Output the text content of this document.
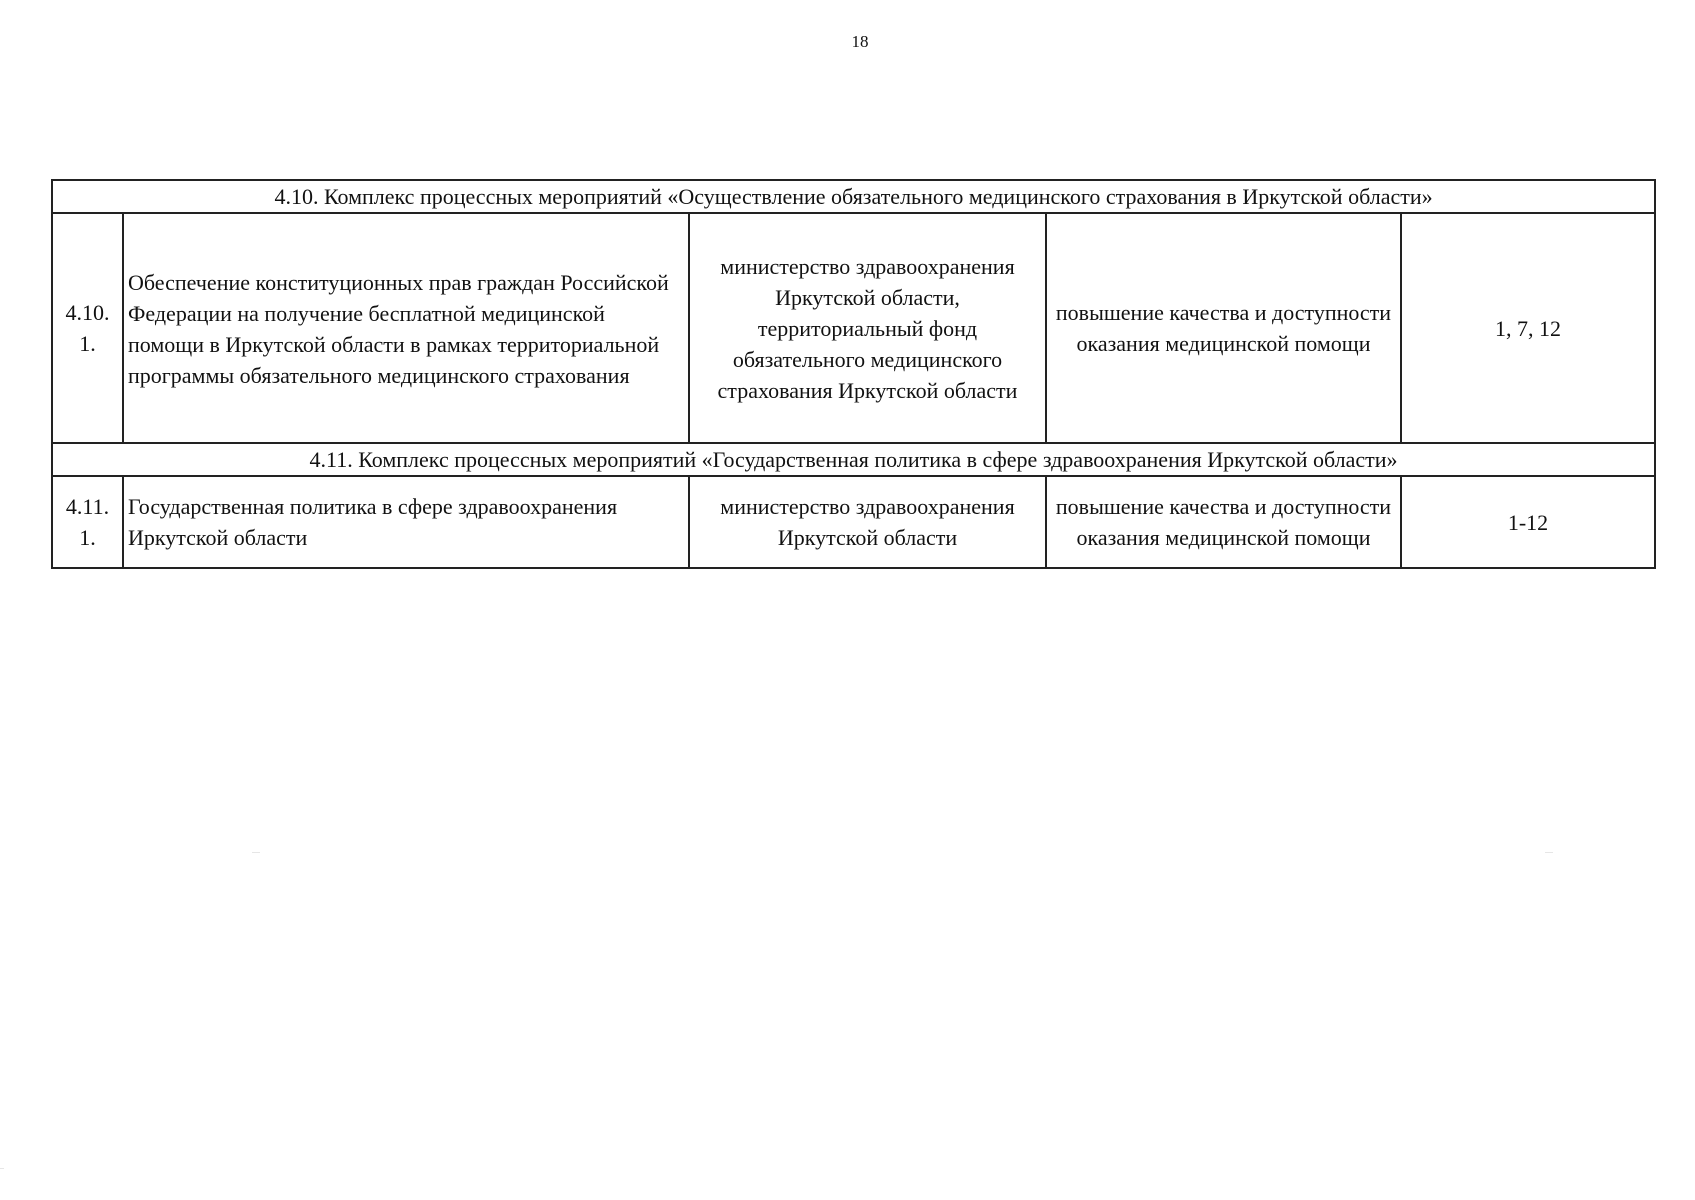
18
4.10. Комплекс процессных мероприятий «Осуществление обязательного медицинского страхования в Иркутской области»				
4.10. 1.	Обеспечение конституционных прав граждан Российской Федерации на получение бесплатной медицинской помощи в Иркутской области в рамках территориальной программы обязательного медицинского страхования	министерство здравоохранения Иркутской области, территориальный фонд обязательного медицинского страхования Иркутской области	повышение качества и доступности оказания медицинской помощи	1, 7, 12
4.11. Комплекс процессных мероприятий «Государственная политика в сфере здравоохранения Иркутской области»				
4.11. 1.	Государственная политика в сфере здравоохранения Иркутской области	министерство здравоохранения Иркутской области	повышение качества и доступности оказания медицинской помощи	1-12
